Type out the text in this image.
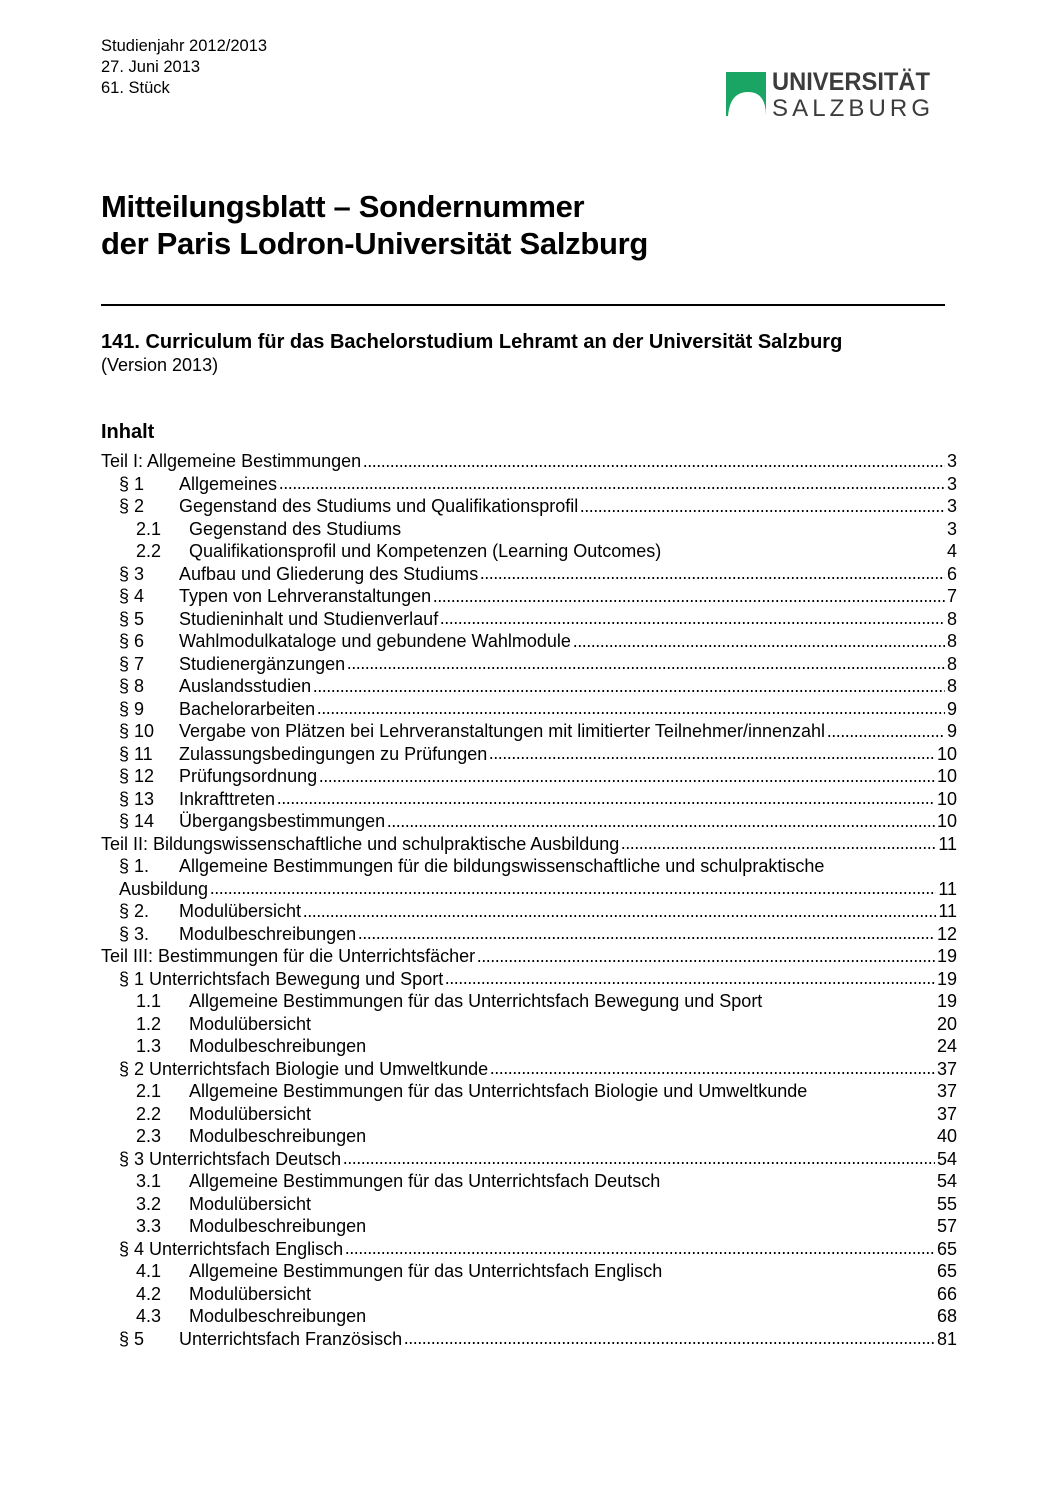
Studienjahr 2012/2013
27. Juni 2013
61. Stück	UNIVERSITÄT
SALZBURG
Mitteilungsblatt – Sondernummer
der Paris Lodron-Universität Salzburg
141. Curriculum für das Bachelorstudium Lehramt an der Universität Salzburg
(Version 2013)
Inhalt
Teil I: Allgemeine Bestimmungen	3
§ 1	Allgemeines	3
§ 2	Gegenstand des Studiums und Qualifikationsprofil	3
2.1	Gegenstand des Studiums	3
2.2	Qualifikationsprofil und Kompetenzen (Learning Outcomes)	4
§ 3	Aufbau und Gliederung des Studiums	6
§ 4	Typen von Lehrveranstaltungen	7
§ 5	Studieninhalt und Studienverlauf	8
§ 6	Wahlmodulkataloge und gebundene Wahlmodule	8
§ 7	Studienergänzungen	8
§ 8	Auslandsstudien	8
§ 9	Bachelorarbeiten	9
§ 10	Vergabe von Plätzen bei Lehrveranstaltungen mit limitierter Teilnehmer/innenzahl	9
§ 11	Zulassungsbedingungen zu Prüfungen	10
§ 12	Prüfungsordnung	10
§ 13	Inkrafttreten	10
§ 14	Übergangsbestimmungen	10
Teil II: Bildungswissenschaftliche und schulpraktische Ausbildung	11
§ 1.	Allgemeine Bestimmungen für die bildungswissenschaftliche und schulpraktische
Ausbildung	11
§ 2.	Modulübersicht	11
§ 3.	Modulbeschreibungen	12
Teil III: Bestimmungen für die Unterrichtsfächer	19
§ 1 Unterrichtsfach Bewegung und Sport	19
1.1	Allgemeine Bestimmungen für das Unterrichtsfach Bewegung und Sport	19
1.2	Modulübersicht	20
1.3	Modulbeschreibungen	24
§ 2 Unterrichtsfach Biologie und Umweltkunde	37
2.1	Allgemeine Bestimmungen für das Unterrichtsfach Biologie und Umweltkunde	37
2.2	Modulübersicht	37
2.3	Modulbeschreibungen	40
§ 3 Unterrichtsfach Deutsch	54
3.1	Allgemeine Bestimmungen für das Unterrichtsfach Deutsch	54
3.2	Modulübersicht	55
3.3	Modulbeschreibungen	57
§ 4 Unterrichtsfach Englisch	65
4.1	Allgemeine Bestimmungen für das Unterrichtsfach Englisch	65
4.2	Modulübersicht	66
4.3	Modulbeschreibungen	68
§ 5	Unterrichtsfach Französisch	81
